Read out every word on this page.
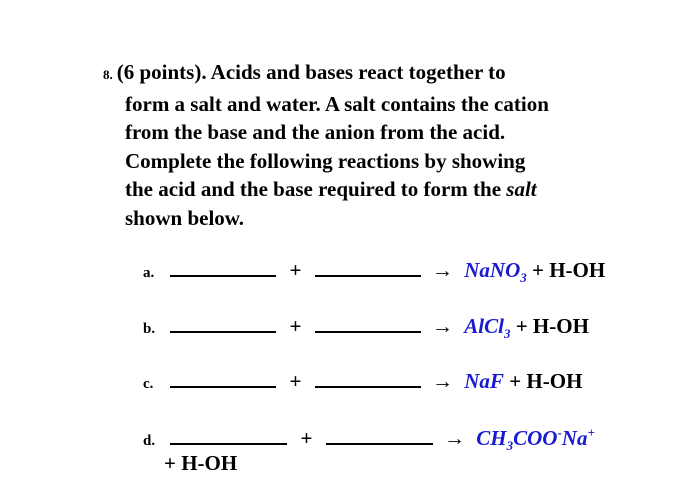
8. (6 points). Acids and bases react together to
form a salt and water. A salt contains the cation
from the base and the anion from the acid.
Complete the following reactions by showing
the acid and the base required to form the salt
shown below.
a.	+	→ NaNO$_3$ + H-OH
b.	+	→ AlCl$_3$ + H-OH
c.	+	→ NaF + H-OH
d.	+	→ $CH_3COO^-Na^+$
+ H-OH
